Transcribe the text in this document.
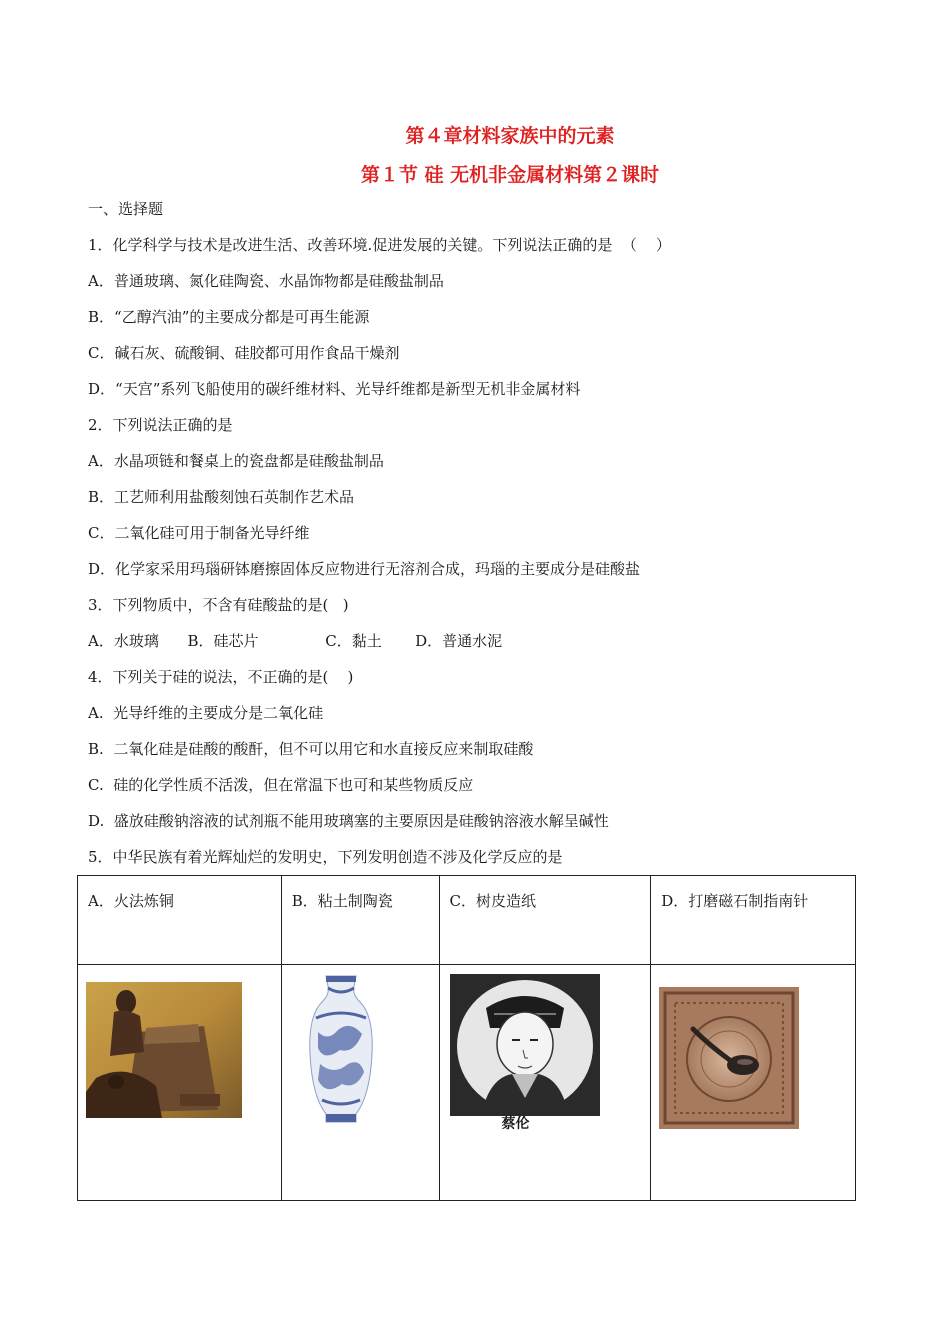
第４章材料家族中的元素
第１节 硅 无机非金属材料第２课时
一、选择题
1．化学科学与技术是改进生活、改善环境.促进发展的关键。下列说法正确的是  （    ）
A．普通玻璃、氮化硅陶瓷、水晶饰物都是硅酸盐制品
B．“乙醇汽油”的主要成分都是可再生能源
C．碱石灰、硫酸铜、硅胶都可用作食品干燥剂
D．“天宫”系列飞船使用的碳纤维材料、光导纤维都是新型无机非金属材料
2．下列说法正确的是
A．水晶项链和餐桌上的瓷盘都是硅酸盐制品
B．工艺师利用盐酸刻蚀石英制作艺术品
C．二氧化硅可用于制备光导纤维
D．化学家采用玛瑙研钵磨擦固体反应物进行无溶剂合成，玛瑙的主要成分是硅酸盐
3．下列物质中，不含有硅酸盐的是(   )
A．水玻璃      B．硅芯片              C．黏土       D．普通水泥
4．下列关于硅的说法，不正确的是(    )
A.  光导纤维的主要成分是二氧化硅
B.  二氧化硅是硅酸的酸酐，但不可以用它和水直接反应来制取硅酸
C.  硅的化学性质不活泼，但在常温下也可和某些物质反应
D.  盛放硅酸钠溶液的试剂瓶不能用玻璃塞的主要原因是硅酸钠溶液水解呈碱性
5．中华民族有着光辉灿烂的发明史，下列发明创造不涉及化学反应的是
A．火法炼铜	B．粘土制陶瓷	C．树皮造纸	D．打磨磁石制指南针

蔡伦
